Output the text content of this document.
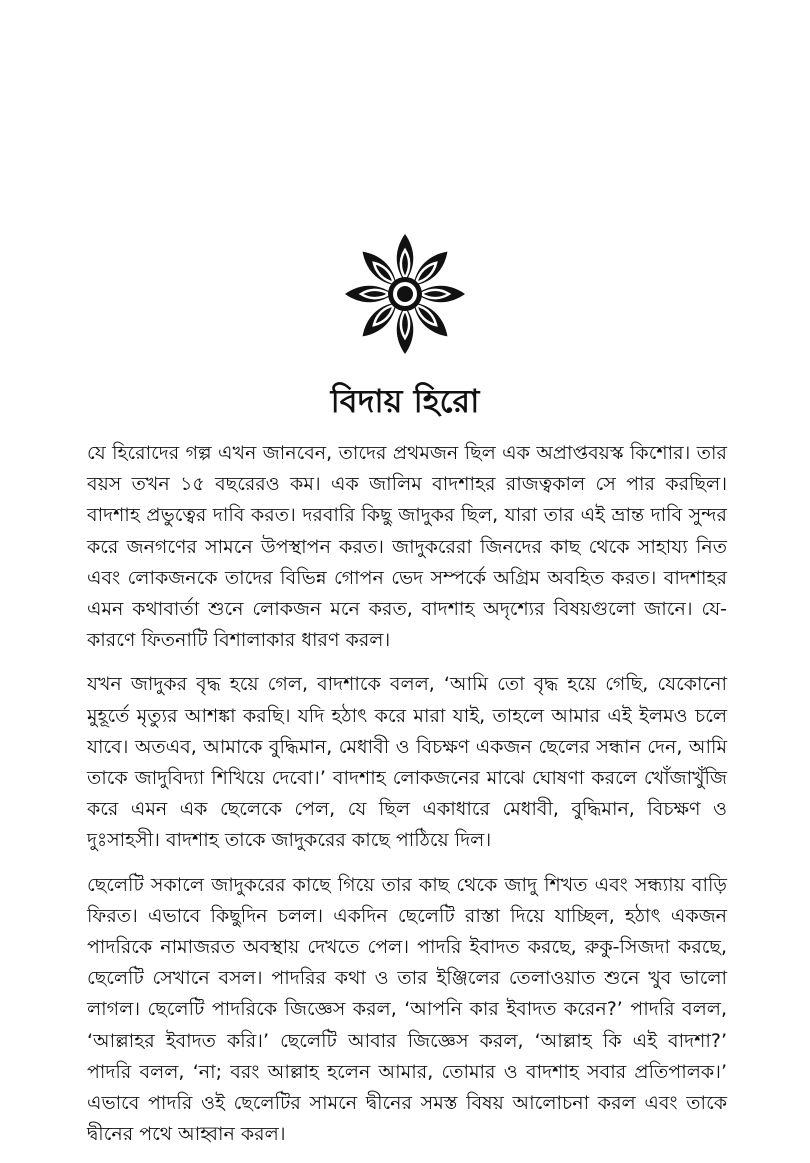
বিদায় হিরো

যে হিরোদের গল্প এখন জানবেন, তাদের প্রথমজন ছিল এক অপ্রাপ্তবয়স্ক কিশোর। তার বয়স তখন ১৫ বছরেরও কম। এক জালিম বাদশাহর রাজত্বকাল সে পার করছিল। বাদশাহ প্রভুত্বের দাবি করত। দরবারি কিছু জাদুকর ছিল, যারা তার এই ভ্রান্ত দাবি সুন্দর করে জনগণের সামনে উপস্থাপন করত। জাদুকরেরা জিনদের কাছ থেকে সাহায্য নিত এবং লোকজনকে তাদের বিভিন্ন গোপন ভেদ সম্পর্কে অগ্রিম অবহিত করত। বাদশাহর এমন কথাবার্তা শুনে লোকজন মনে করত, বাদশাহ অদৃশ্যের বিষয়গুলো জানে। যে-কারণে ফিতনাটি বিশালাকার ধারণ করল।

যখন জাদুকর বৃদ্ধ হয়ে গেল, বাদশাকে বলল, ‘আমি তো বৃদ্ধ হয়ে গেছি, যেকোনো মুহূর্তে মৃত্যুর আশঙ্কা করছি। যদি হঠাৎ করে মারা যাই, তাহলে আমার এই ইলমও চলে যাবে। অতএব, আমাকে বুদ্ধিমান, মেধাবী ও বিচক্ষণ একজন ছেলের সন্ধান দেন, আমি তাকে জাদুবিদ্যা শিখিয়ে দেবো।’ বাদশাহ লোকজনের মাঝে ঘোষণা করলে খোঁজাখুঁজি করে এমন এক ছেলেকে পেল, যে ছিল একাধারে মেধাবী, বুদ্ধিমান, বিচক্ষণ ও দুঃসাহসী। বাদশাহ তাকে জাদুকরের কাছে পাঠিয়ে দিল।

ছেলেটি সকালে জাদুকরের কাছে গিয়ে তার কাছ থেকে জাদু শিখত এবং সন্ধ্যায় বাড়ি ফিরত। এভাবে কিছুদিন চলল। একদিন ছেলেটি রাস্তা দিয়ে যাচ্ছিল, হঠাৎ একজন পাদরিকে নামাজরত অবস্থায় দেখতে পেল। পাদরি ইবাদত করছে, রুকু-সিজদা করছে, ছেলেটি সেখানে বসল। পাদরির কথা ও তার ইঞ্জিলের তেলাওয়াত শুনে খুব ভালো লাগল। ছেলেটি পাদরিকে জিজ্ঞেস করল, ‘আপনি কার ইবাদত করেন?’ পাদরি বলল, ‘আল্লাহর ইবাদত করি।’ ছেলেটি আবার জিজ্ঞেস করল, ‘আল্লাহ কি এই বাদশা?’ পাদরি বলল, ‘না; বরং আল্লাহ হলেন আমার, তোমার ও বাদশাহ সবার প্রতিপালক।’ এভাবে পাদরি ওই ছেলেটির সামনে দ্বীনের সমস্ত বিষয় আলোচনা করল এবং তাকে দ্বীনের পথে আহ্বান করল।
